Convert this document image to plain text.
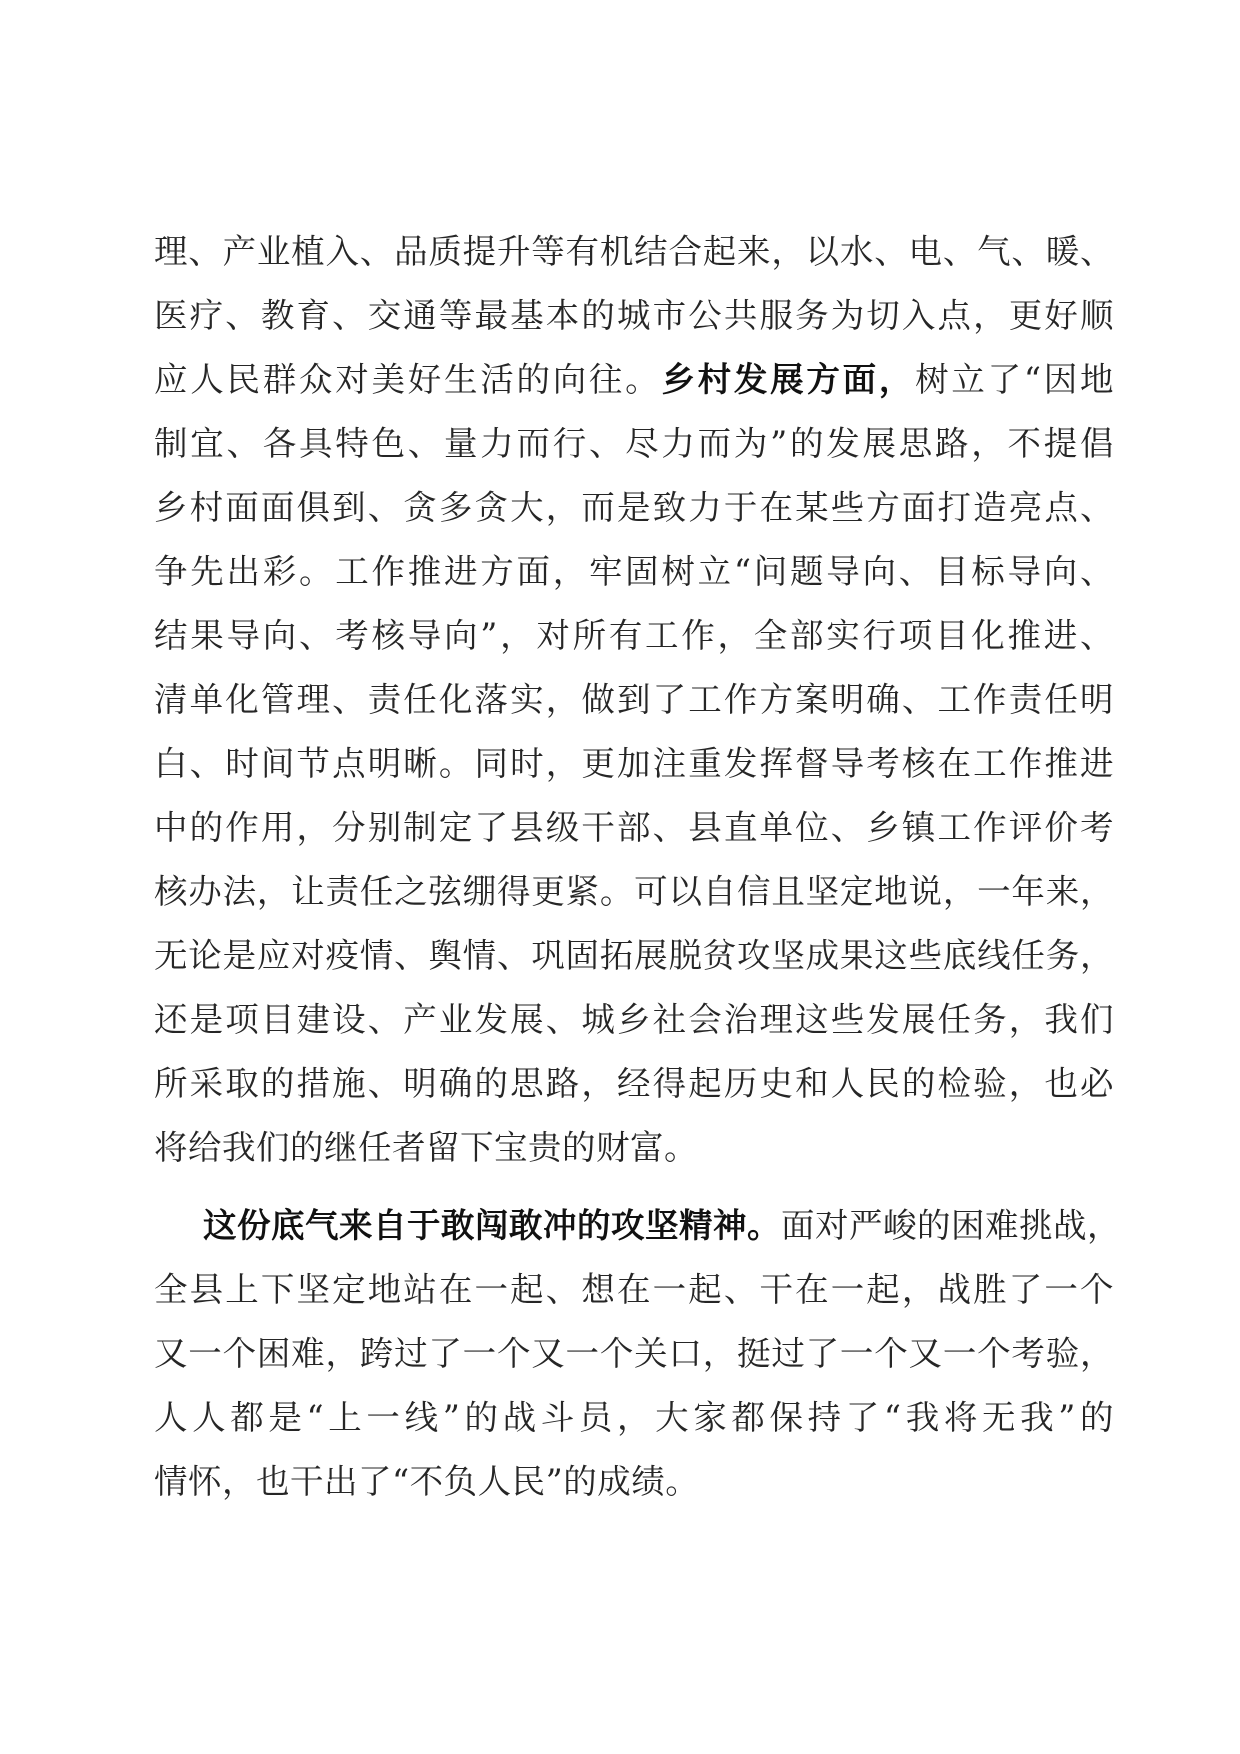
理、产业植入、品质提升等有机结合起来，以水、电、气、暖、
医疗、教育、交通等最基本的城市公共服务为切入点，更好顺
应人民群众对美好生活的向往。乡村发展方面，树立了“因地
制宜、各具特色、量力而行、尽力而为”的发展思路，不提倡
乡村面面俱到、贪多贪大，而是致力于在某些方面打造亮点、
争先出彩。工作推进方面，牢固树立“问题导向、目标导向、
结果导向、考核导向”，对所有工作，全部实行项目化推进、
清单化管理、责任化落实，做到了工作方案明确、工作责任明
白、时间节点明晰。同时，更加注重发挥督导考核在工作推进
中的作用，分别制定了县级干部、县直单位、乡镇工作评价考
核办法，让责任之弦绷得更紧。可以自信且坚定地说，一年来，
无论是应对疫情、舆情、巩固拓展脱贫攻坚成果这些底线任务，
还是项目建设、产业发展、城乡社会治理这些发展任务，我们
所采取的措施、明确的思路，经得起历史和人民的检验，也必
将给我们的继任者留下宝贵的财富。
这份底气来自于敢闯敢冲的攻坚精神。面对严峻的困难挑战，
全县上下坚定地站在一起、想在一起、干在一起，战胜了一个
又一个困难，跨过了一个又一个关口，挺过了一个又一个考验，
人人都是“上一线”的战斗员，大家都保持了“我将无我”的
情怀，也干出了“不负人民”的成绩。
